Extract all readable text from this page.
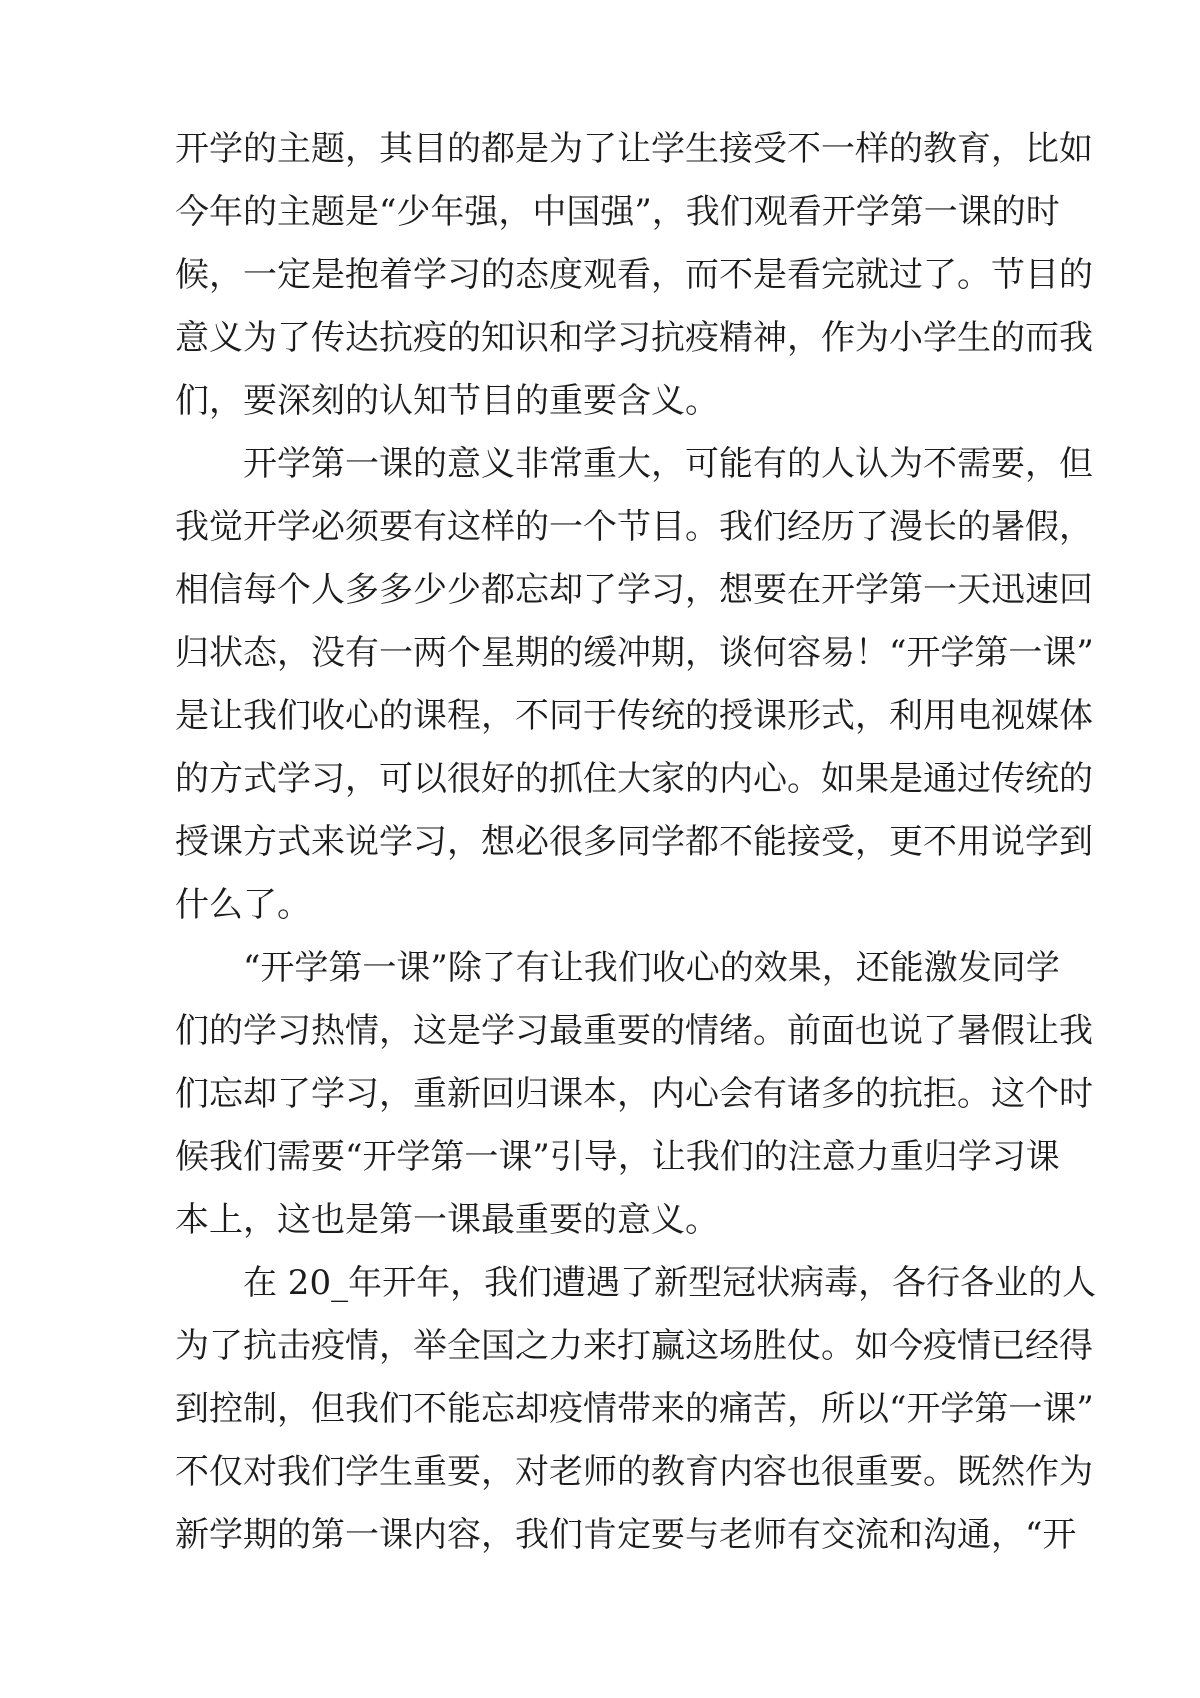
开学的主题，其目的都是为了让学生接受不一样的教育，比如
今年的主题是“少年强，中国强”，我们观看开学第一课的时
候，一定是抱着学习的态度观看，而不是看完就过了。节目的
意义为了传达抗疫的知识和学习抗疫精神，作为小学生的而我
们，要深刻的认知节目的重要含义。
开学第一课的意义非常重大，可能有的人认为不需要，但
我觉开学必须要有这样的一个节目。我们经历了漫长的暑假，
相信每个人多多少少都忘却了学习，想要在开学第一天迅速回
归状态，没有一两个星期的缓冲期，谈何容易！“开学第一课”
是让我们收心的课程，不同于传统的授课形式，利用电视媒体
的方式学习，可以很好的抓住大家的内心。如果是通过传统的
授课方式来说学习，想必很多同学都不能接受，更不用说学到
什么了。
“开学第一课”除了有让我们收心的效果，还能激发同学
们的学习热情，这是学习最重要的情绪。前面也说了暑假让我
们忘却了学习，重新回归课本，内心会有诸多的抗拒。这个时
候我们需要“开学第一课”引导，让我们的注意力重归学习课
本上，这也是第一课最重要的意义。
在 20_年开年，我们遭遇了新型冠状病毒，各行各业的人
为了抗击疫情，举全国之力来打赢这场胜仗。如今疫情已经得
到控制，但我们不能忘却疫情带来的痛苦，所以“开学第一课”
不仅对我们学生重要，对老师的教育内容也很重要。既然作为
新学期的第一课内容，我们肯定要与老师有交流和沟通，“开
